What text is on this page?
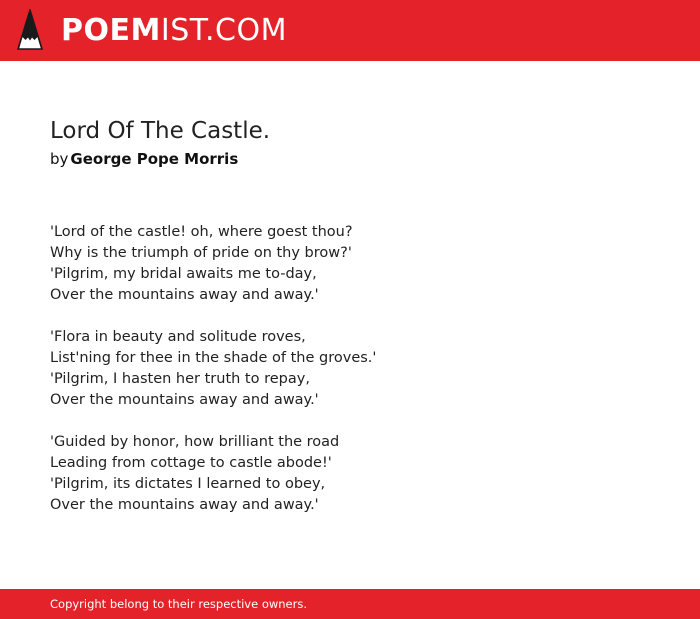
POEMIST.COM
Lord Of The Castle.
by George Pope Morris
'Lord of the castle! oh, where goest thou?
Why is the triumph of pride on thy brow?'
'Pilgrim, my bridal awaits me to-day,
Over the mountains away and away.'
'Flora in beauty and solitude roves,
List'ning for thee in the shade of the groves.'
'Pilgrim, I hasten her truth to repay,
Over the mountains away and away.'
'Guided by honor, how brilliant the road
Leading from cottage to castle abode!'
'Pilgrim, its dictates I learned to obey,
Over the mountains away and away.'
Copyright belong to their respective owners.
